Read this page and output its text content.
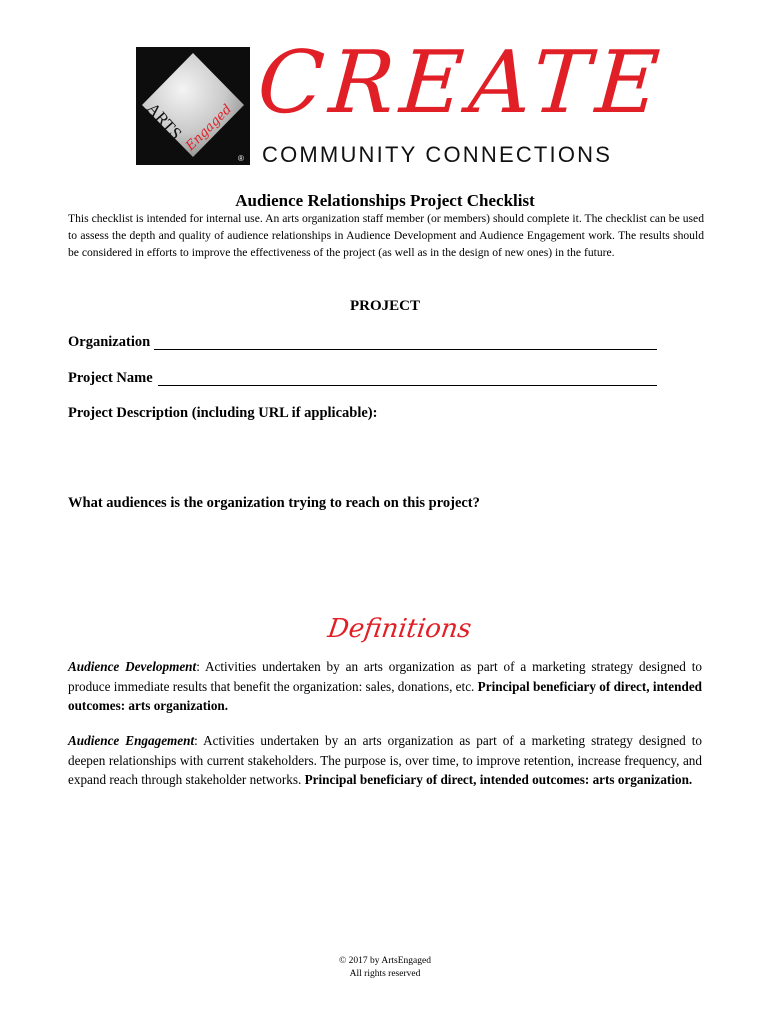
ARTS
Engaged
®
CREATE
COMMUNITY CONNECTIONS
Audience Relationships Project Checklist
This checklist is intended for internal use. An arts organization staff member (or members) should complete it. The checklist can be used to assess the depth and quality of audience relationships in Audience Development and Audience Engagement work. The results should be considered in efforts to improve the effectiveness of the project (as well as in the design of new ones) in the future.
PROJECT
Organization
Project Name
Project Description (including URL if applicable):
What audiences is the organization trying to reach on this project?
Definitions
Audience Development: Activities undertaken by an arts organization as part of a marketing strategy designed to produce immediate results that benefit the organization: sales, donations, etc. Principal beneficiary of direct, intended outcomes: arts organization.
Audience Engagement: Activities undertaken by an arts organization as part of a marketing strategy designed to deepen relationships with current stakeholders. The purpose is, over time, to improve retention, increase frequency, and expand reach through stakeholder networks. Principal beneficiary of direct, intended outcomes: arts organization.
© 2017 by ArtsEngaged
All rights reserved
